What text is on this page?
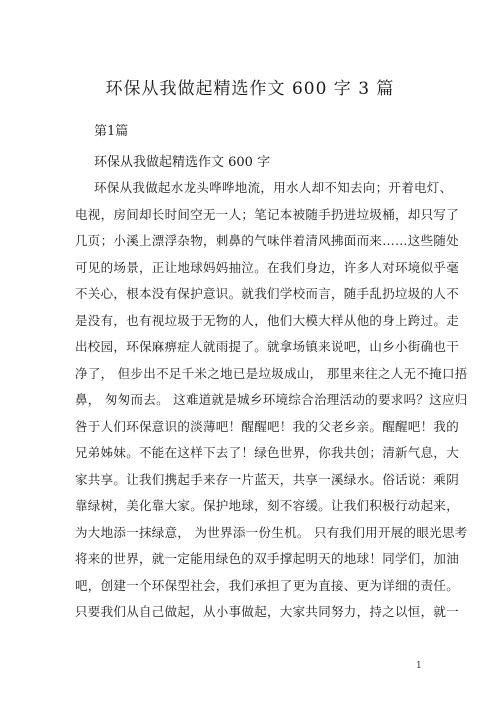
环保从我做起精选作文 600 字 3 篇
第1篇
环保从我做起精选作文 600 字
环保从我做起水龙头哗哗地流，用水人却不知去向；开着电灯、
电视，房间却长时间空无一人；笔记本被随手扔进垃圾桶，却只写了
几页；小溪上漂浮杂物，刺鼻的气味伴着清风拂面而来……这些随处
可见的场景，正让地球妈妈抽泣。在我们身边，许多人对环境似乎毫
不关心，根本没有保护意识。就我们学校而言，随手乱扔垃圾的人不
是没有，也有视垃圾于无物的人，他们大模大样从他的身上跨过。走
出校园，环保麻痹症人就雨提了。就拿场镇来说吧，山乡小街确也干
净了， 但步出不足千米之地已是垃圾成山， 那里来往之人无不掩口捂
鼻， 匆匆而去。 这难道就是城乡环境综合治理活动的要求吗？这应归
咎于人们环保意识的淡薄吧！醒醒吧！我的父老乡亲。醒醒吧！我的
兄弟姊妹。不能在这样下去了！绿色世界，你我共创；清新气息，大
家共享。让我们携起手来存一片蓝天，共享一溪绿水。俗话说：乘阴
靠绿树，美化靠大家。保护地球，刻不容缓。让我们积极行动起来，
为大地添一抹绿意， 为世界添一份生机。 只有我们用开展的眼光思考
将来的世界，就一定能用绿色的双手撑起明天的地球！同学们，加油
吧，创建一个环保型社会，我们承担了更为直接、更为详细的责任。
只要我们从自己做起，从小事做起，大家共同努力，持之以恒，就一
1
